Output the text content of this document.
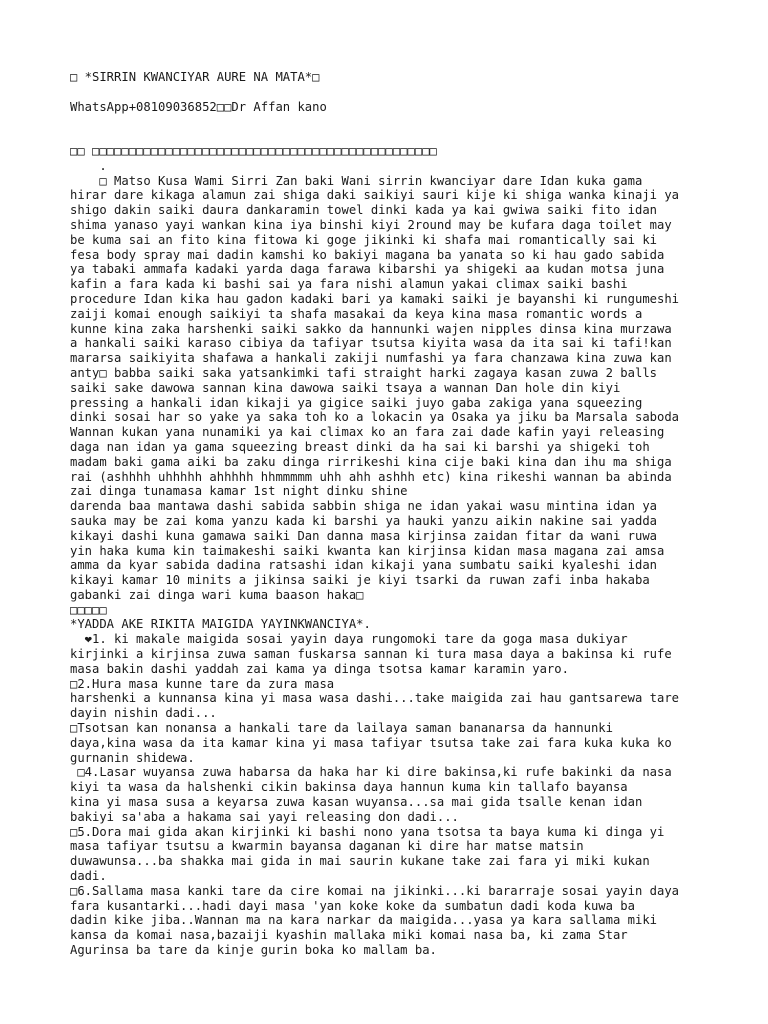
□ *SIRRIN KWANCIYAR AURE NA MATA*□
WhatsApp+08109036852□□Dr Affan kano
□□ □□□□□□□□□□□□□□□□□□□□□□□□□□□□□□□□□□□□□□□□□□□□□□□
.
□ Matso Kusa Wami Sirri Zan baki Wani sirrin kwanciyar dare Idan kuka gama
hirar dare kikaga alamun zai shiga daki saikiyi sauri kije ki shiga wanka kinaji ya
shigo dakin saiki daura dankaramin towel dinki kada ya kai gwiwa saiki fito idan
shima yanaso yayi wankan kina iya binshi kiyi 2round may be kufara daga toilet may
be kuma sai an fito kina fitowa ki goge jikinki ki shafa mai romantically sai ki
fesa body spray mai dadin kamshi ko bakiyi magana ba yanata so ki hau gado sabida
ya tabaki ammafa kadaki yarda daga farawa kibarshi ya shigeki aa kudan motsa juna
kafin a fara kada ki bashi sai ya fara nishi alamun yakai climax saiki bashi
procedure Idan kika hau gadon kadaki bari ya kamaki saiki je bayanshi ki rungumeshi
zaiji komai enough saikiyi ta shafa masakai da keya kina masa romantic words a
kunne kina zaka harshenki saiki sakko da hannunki wajen nipples dinsa kina murzawa
a hankali saiki karaso cibiya da tafiyar tsutsa kiyita wasa da ita sai ki tafi!kan
mararsa saikiyita shafawa a hankali zakiji numfashi ya fara chanzawa kina zuwa kan
anty□ babba saiki saka yatsankimki tafi straight harki zagaya kasan zuwa 2 balls
saiki sake dawowa sannan kina dawowa saiki tsaya a wannan Dan hole din kiyi
pressing a hankali idan kikaji ya gigice saiki juyo gaba zakiga yana squeezing
dinki sosai har so yake ya saka toh ko a lokacin ya Osaka ya jiku ba Marsala saboda
Wannan kukan yana nunamiki ya kai climax ko an fara zai dade kafin yayi releasing
daga nan idan ya gama squeezing breast dinki da ha sai ki barshi ya shigeki toh
madam baki gama aiki ba zaku dinga rirrikeshi kina cije baki kina dan ihu ma shiga
rai (ashhhh uhhhhh ahhhhh hhmmmmm uhh ahh ashhh etc) kina rikeshi wannan ba abinda
zai dinga tunamasa kamar 1st night dinku shine
darenda baa mantawa dashi sabida sabbin shiga ne idan yakai wasu mintina idan ya
sauka may be zai koma yanzu kada ki barshi ya hauki yanzu aikin nakine sai yadda
kikayi dashi kuna gamawa saiki Dan danna masa kirjinsa zaidan fitar da wani ruwa
yin haka kuma kin taimakeshi saiki kwanta kan kirjinsa kidan masa magana zai amsa
amma da kyar sabida dadina ratsashi idan kikaji yana sumbatu saiki kyaleshi idan
kikayi kamar 10 minits a jikinsa saiki je kiyi tsarki da ruwan zafi inba hakaba
gabanki zai dinga wari kuma baason haka□
□□□□□
*YADDA AKE RIKITA MAIGIDA YAYINKWANCIYA*.
❤1. ki makale maigida sosai yayin daya rungomoki tare da goga masa dukiyar
kirjinki a kirjinsa zuwa saman fuskarsa sannan ki tura masa daya a bakinsa ki rufe
masa bakin dashi yaddah zai kama ya dinga tsotsa kamar karamin yaro.
□2.Hura masa kunne tare da zura masa
harshenki a kunnansa kina yi masa wasa dashi...take maigida zai hau gantsarewa tare
dayin nishin dadi...
□Tsotsan kan nonansa a hankali tare da lailaya saman bananarsa da hannunki
daya,kina wasa da ita kamar kina yi masa tafiyar tsutsa take zai fara kuka kuka ko
gurnanin shidewa.
□4.Lasar wuyansa zuwa habarsa da haka har ki dire bakinsa,ki rufe bakinki da nasa
kiyi ta wasa da halshenki cikin bakinsa daya hannun kuma kin tallafo bayansa
kina yi masa susa a keyarsa zuwa kasan wuyansa...sa mai gida tsalle kenan idan
bakiyi sa'aba a hakama sai yayi releasing don dadi...
□5.Dora mai gida akan kirjinki ki bashi nono yana tsotsa ta baya kuma ki dinga yi
masa tafiyar tsutsu a kwarmin bayansa daganan ki dire har matse matsin
duwawunsa...ba shakka mai gida in mai saurin kukane take zai fara yi miki kukan
dadi.
□6.Sallama masa kanki tare da cire komai na jikinki...ki bararraje sosai yayin daya
fara kusantarki...hadi dayi masa 'yan koke koke da sumbatun dadi koda kuwa ba
dadin kike jiba..Wannan ma na kara narkar da maigida...yasa ya kara sallama miki
kansa da komai nasa,bazaiji kyashin mallaka miki komai nasa ba, ki zama Star
Agurinsa ba tare da kinje gurin boka ko mallam ba.
